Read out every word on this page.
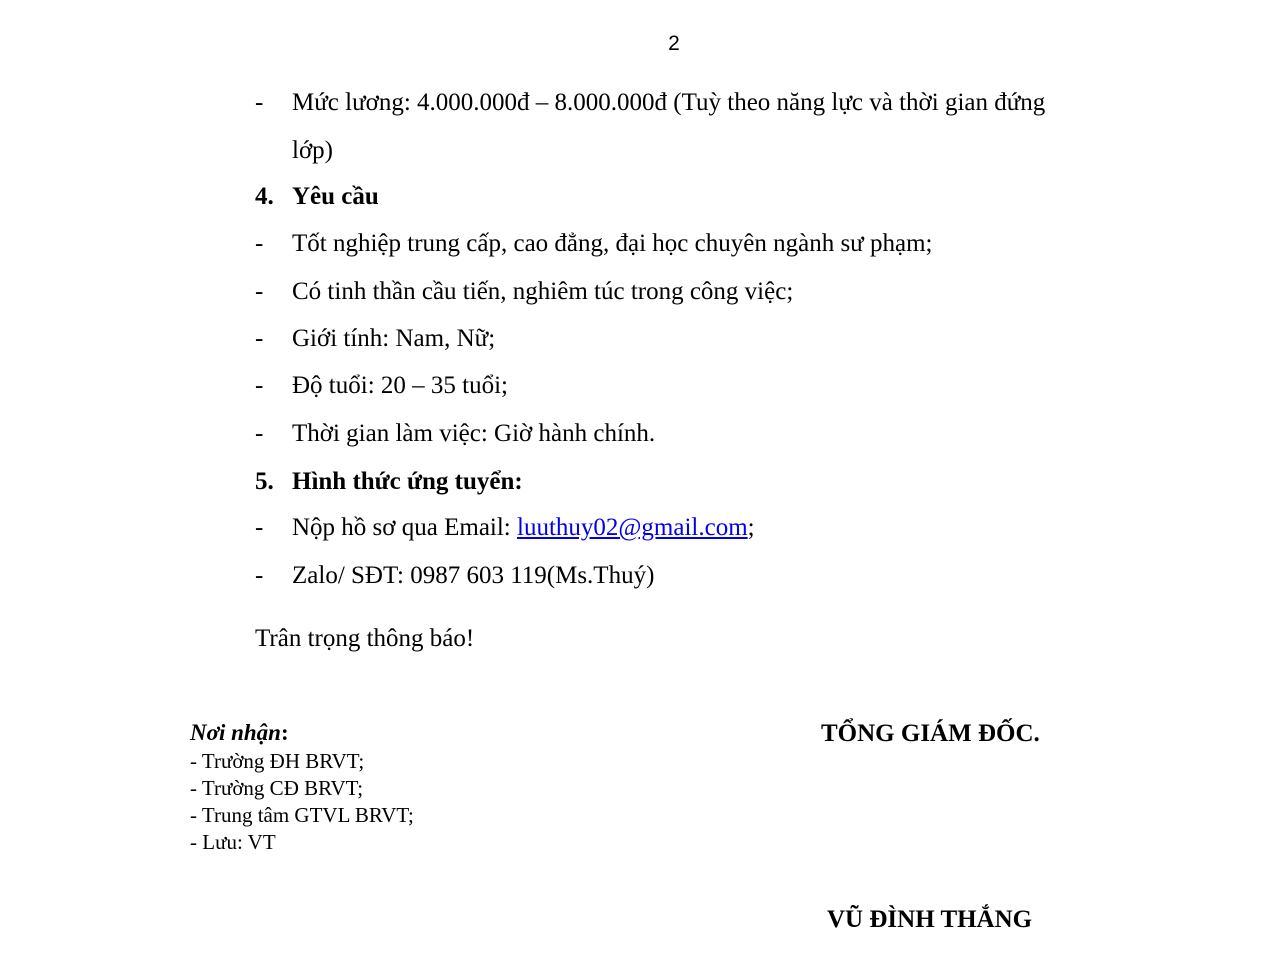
2
- Mức lương: 4.000.000đ – 8.000.000đ (Tuỳ theo năng lực và thời gian đứng
lớp)
4. Yêu cầu
- Tốt nghiệp trung cấp, cao đẳng, đại học chuyên ngành sư phạm;
- Có tinh thần cầu tiến, nghiêm túc trong công việc;
- Giới tính: Nam, Nữ;
- Độ tuổi: 20 – 35 tuổi;
- Thời gian làm việc: Giờ hành chính.
5. Hình thức ứng tuyển:
- Nộp hồ sơ qua Email: luuthuy02@gmail.com;
- Zalo/ SĐT: 0987 603 119(Ms.Thuý)
Trân trọng thông báo!
Nơi nhận:
- Trường ĐH BRVT;
- Trường CĐ BRVT;
- Trung tâm GTVL BRVT;
- Lưu: VT
TỔNG GIÁM ĐỐC.
VŨ ĐÌNH THẮNG
